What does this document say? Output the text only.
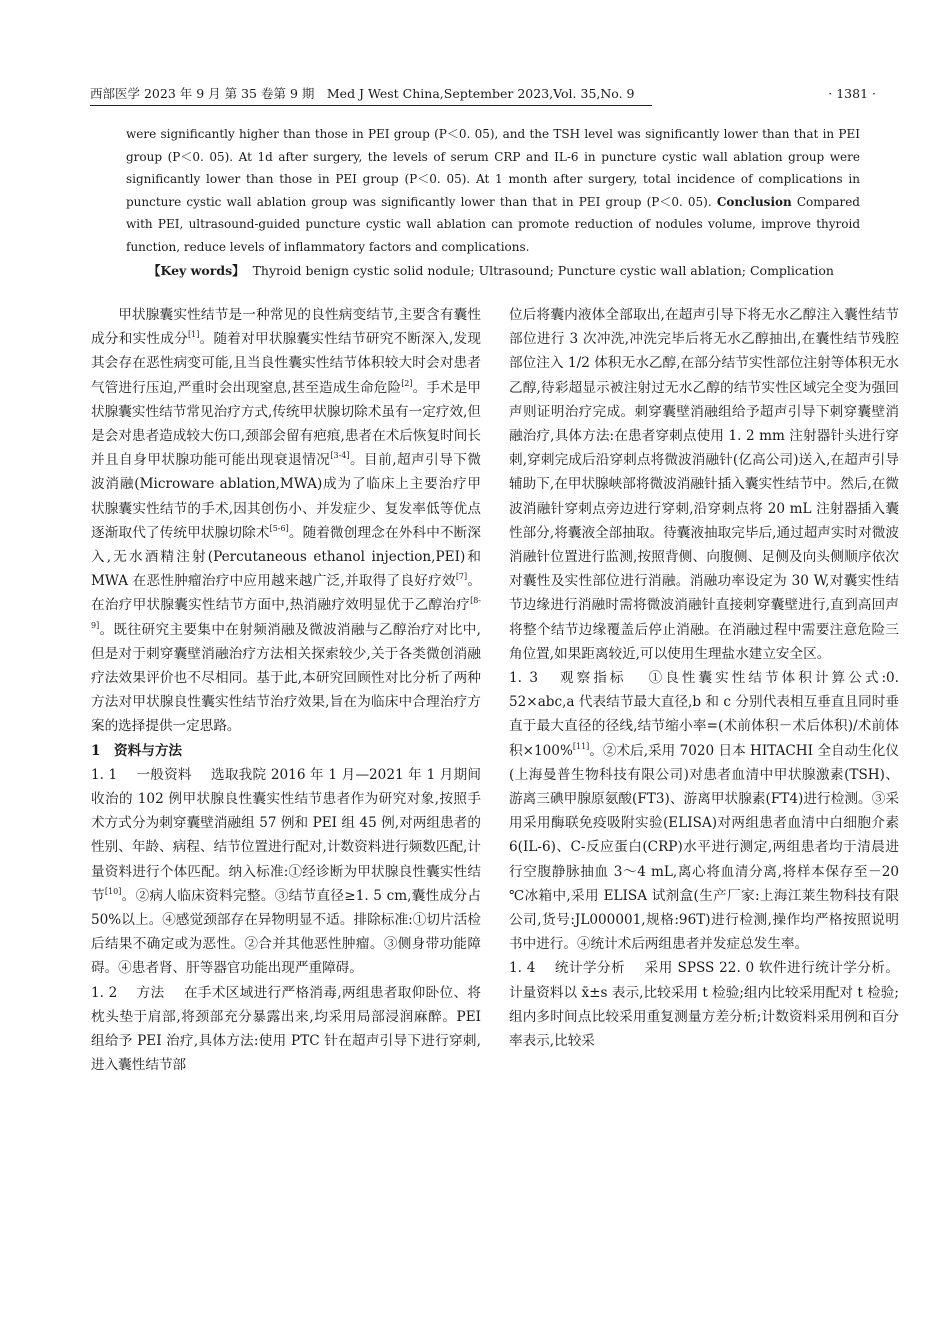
西部医学 2023 年 9 月 第 35 卷第 9 期　Med J West China,September 2023,Vol. 35,No. 9	· 1381 ·

were significantly higher than those in PEI group (P＜0. 05), and the TSH level was significantly lower than that in PEI group (P＜0. 05). At 1d after surgery, the levels of serum CRP and IL-6 in puncture cystic wall ablation group were significantly lower than those in PEI group (P＜0. 05). At 1 month after surgery, total incidence of complications in puncture cystic wall ablation group was significantly lower than that in PEI group (P＜0. 05). Conclusion Compared with PEI, ultrasound-guided puncture cystic wall ablation can promote reduction of nodules volume, improve thyroid function, reduce levels of inflammatory factors and complications.

【Key words】 Thyroid benign cystic solid nodule; Ultrasound; Puncture cystic wall ablation; Complication

甲状腺囊实性结节是一种常见的良性病变结节,主要含有囊性成分和实性成分[1]。随着对甲状腺囊实性结节研究不断深入,发现其会存在恶性病变可能,且当良性囊实性结节体积较大时会对患者气管进行压迫,严重时会出现窒息,甚至造成生命危险[2]。手术是甲状腺囊实性结节常见治疗方式,传统甲状腺切除术虽有一定疗效,但是会对患者造成较大伤口,颈部会留有疤痕,患者在术后恢复时间长并且自身甲状腺功能可能出现衰退情况[3-4]。目前,超声引导下微波消融(Microware ablation,MWA)成为了临床上主要治疗甲状腺囊实性结节的手术,因其创伤小、并发症少、复发率低等优点逐渐取代了传统甲状腺切除术[5-6]。随着微创理念在外科中不断深入,无水酒精注射(Percutaneous ethanol injection,PEI)和 MWA 在恶性肿瘤治疗中应用越来越广泛,并取得了良好疗效[7]。在治疗甲状腺囊实性结节方面中,热消融疗效明显优于乙醇治疗[8-9]。既往研究主要集中在射频消融及微波消融与乙醇治疗对比中,但是对于刺穿囊壁消融治疗方法相关探索较少,关于各类微创消融疗法效果评价也不尽相同。基于此,本研究回顾性对比分析了两种方法对甲状腺良性囊实性结节治疗效果,旨在为临床中合理治疗方案的选择提供一定思路。

1　资料与方法

1. 1 一般资料 选取我院 2016 年 1 月—2021 年 1 月期间收治的 102 例甲状腺良性囊实性结节患者作为研究对象,按照手术方式分为刺穿囊壁消融组 57 例和 PEI 组 45 例,对两组患者的性别、年龄、病程、结节位置进行配对,计数资料进行频数匹配,计量资料进行个体匹配。纳入标准:①经诊断为甲状腺良性囊实性结节[10]。②病人临床资料完整。③结节直径≥1. 5 cm,囊性成分占 50%以上。④感觉颈部存在异物明显不适。排除标准:①切片活检后结果不确定或为恶性。②合并其他恶性肿瘤。③侧身带功能障碍。④患者肾、肝等器官功能出现严重障碍。

1. 2 方法 在手术区域进行严格消毒,两组患者取仰卧位、将枕头垫于肩部,将颈部充分暴露出来,均采用局部浸润麻醉。PEI 组给予 PEI 治疗,具体方法:使用 PTC 针在超声引导下进行穿刺,进入囊性结节部

位后将囊内液体全部取出,在超声引导下将无水乙醇注入囊性结节部位进行 3 次冲洗,冲洗完毕后将无水乙醇抽出,在囊性结节残腔部位注入 1/2 体积无水乙醇,在部分结节实性部位注射等体积无水乙醇,待彩超显示被注射过无水乙醇的结节实性区域完全变为强回声则证明治疗完成。刺穿囊壁消融组给予超声引导下刺穿囊壁消融治疗,具体方法:在患者穿刺点使用 1. 2 mm 注射器针头进行穿刺,穿刺完成后沿穿刺点将微波消融针(亿高公司)送入,在超声引导辅助下,在甲状腺峡部将微波消融针插入囊实性结节中。然后,在微波消融针穿刺点旁边进行穿刺,沿穿刺点将 20 mL 注射器插入囊性部分,将囊液全部抽取。待囊液抽取完毕后,通过超声实时对微波消融针位置进行监测,按照背侧、向腹侧、足侧及向头侧顺序依次对囊性及实性部位进行消融。消融功率设定为 30 W,对囊实性结节边缘进行消融时需将微波消融针直接刺穿囊壁进行,直到高回声将整个结节边缘覆盖后停止消融。在消融过程中需要注意危险三角位置,如果距离较近,可以使用生理盐水建立安全区。

1. 3 观察指标 ①良性囊实性结节体积计算公式:0. 52×abc,a 代表结节最大直径,b 和 c 分别代表相互垂直且同时垂直于最大直径的径线,结节缩小率=(术前体积－术后体积)/术前体积×100%[11]。②术后,采用 7020 日本 HITACHI 全自动生化仪(上海曼普生物科技有限公司)对患者血清中甲状腺激素(TSH)、游离三碘甲腺原氨酸(FT3)、游离甲状腺素(FT4)进行检测。③采用采用酶联免疫吸附实验(ELISA)对两组患者血清中白细胞介素 6(IL-6)、C-反应蛋白(CRP)水平进行测定,两组患者均于清晨进行空腹静脉抽血 3～4 mL,离心将血清分离,将样本保存至－20 ℃冰箱中,采用 ELISA 试剂盒(生产厂家:上海江莱生物科技有限公司,货号:JL000001,规格:96T)进行检测,操作均严格按照说明书中进行。④统计术后两组患者并发症总发生率。

1. 4 统计学分析 采用 SPSS 22. 0 软件进行统计学分析。计量资料以 x̄±s 表示,比较采用 t 检验;组内比较采用配对 t 检验;组内多时间点比较采用重复测量方差分析;计数资料采用例和百分率表示,比较采
